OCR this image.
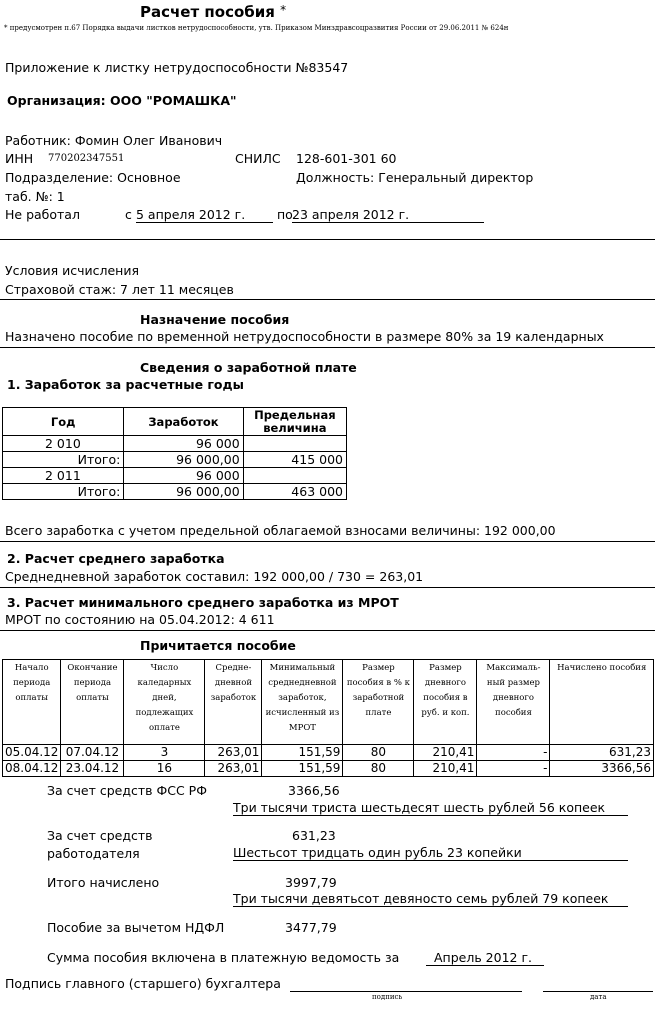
Расчет пособия *
* предусмотрен п.67 Порядка выдачи листков нетрудоспособности, утв. Приказом Минздравсоцразвития России от 29.06.2011 № 624н
Приложение к листку нетрудоспособности №83547
Организация: ООО "РОМАШКА"
Работник: Фомин Олег Иванович
ИНН 770202347551	СНИЛС 128-601-301 60
Подразделение: Основное	Должность: Генеральный директор
таб. №: 1
Не работал	с 5 апреля 2012 г.	по 23 апреля 2012 г.
Условия исчисления
Страховой стаж: 7 лет 11 месяцев
Назначение пособия
Назначено пособие по временной нетрудоспособности в размере 80% за 19 календарных
Сведения о заработной плате
1. Заработок за расчетные годы
Год	Заработок	Предельная величина
2 010	96 000	
Итого:	96 000,00	415 000
2 011	96 000	
Итого:	96 000,00	463 000
Всего заработка с учетом предельной облагаемой взносами величины: 192 000,00
2. Расчет среднего заработка
Среднедневной заработок составил: 192 000,00 / 730 = 263,01
3. Расчет минимального среднего заработка из МРОТ
МРОТ по состоянию на 05.04.2012: 4 611
Причитается пособие
Начало периода оплаты	Окончание периода оплаты	Число каледарных дней, подлежащих оплате	Средне-дневной заработок	Минимальный среднедневной заработок, исчисленный из МРОТ	Размер пособия в % к заработной плате	Размер дневного пособия в руб. и коп.	Максималь-ный размер дневного пособия	Начислено пособия
05.04.12	07.04.12	3	263,01	151,59	80	210,41	-	631,23
08.04.12	23.04.12	16	263,01	151,59	80	210,41	-	3366,56
За счет средств ФСС РФ	3366,56
Три тысячи триста шестьдесят шесть рублей 56 копеек
За счет средств	631,23
работодателя	Шестьсот тридцать один рубль 23 копейки
Итого начислено	3997,79
Три тысячи девятьсот девяносто семь рублей 79 копеек
Пособие за вычетом НДФЛ	3477,79
Сумма пособия включена в платежную ведомость за	Апрель 2012 г.
Подпись главного (старшего) бухгалтера
подпись	дата
